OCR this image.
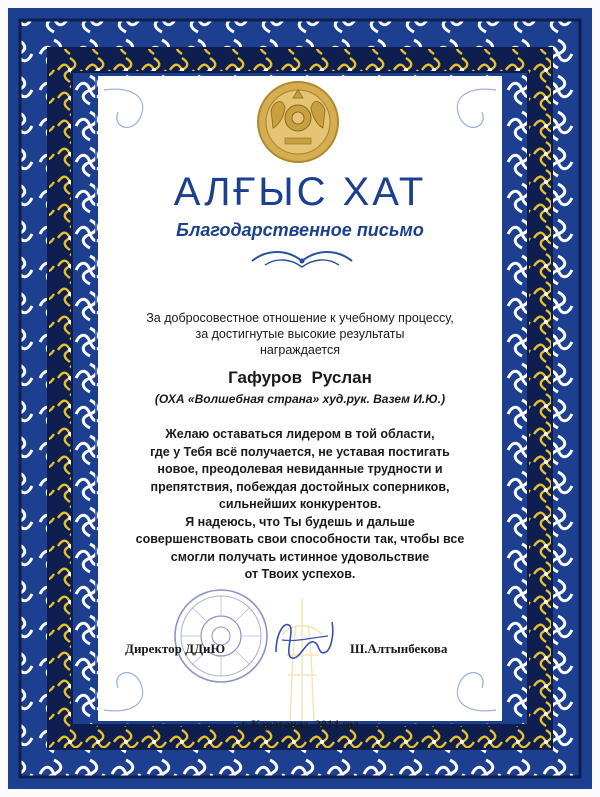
АЛҒЫС ХАТ
Благодарственное письмо
За добросовестное отношение к учебному процессу,
за достигнутые высокие результаты
награждается
Гафуров  Руслан
(ОХА «Волшебная страна» худ.рук. Вазем И.Ю.)
Желаю оставаться лидером в той области,
где у Тебя всё получается, не уставая постигать
новое, преодолевая невиданные трудности и
препятствия, побеждая достойных соперников,
сильнейших конкурентов.
Я надеюсь, что Ты будешь и дальше
совершенствовать свои способности так, чтобы все
смогли получать истинное удовольствие
от Твоих успехов.
Директор ДДиЮ	Ш.Алтынбекова
г. Караганда, 2014 год
